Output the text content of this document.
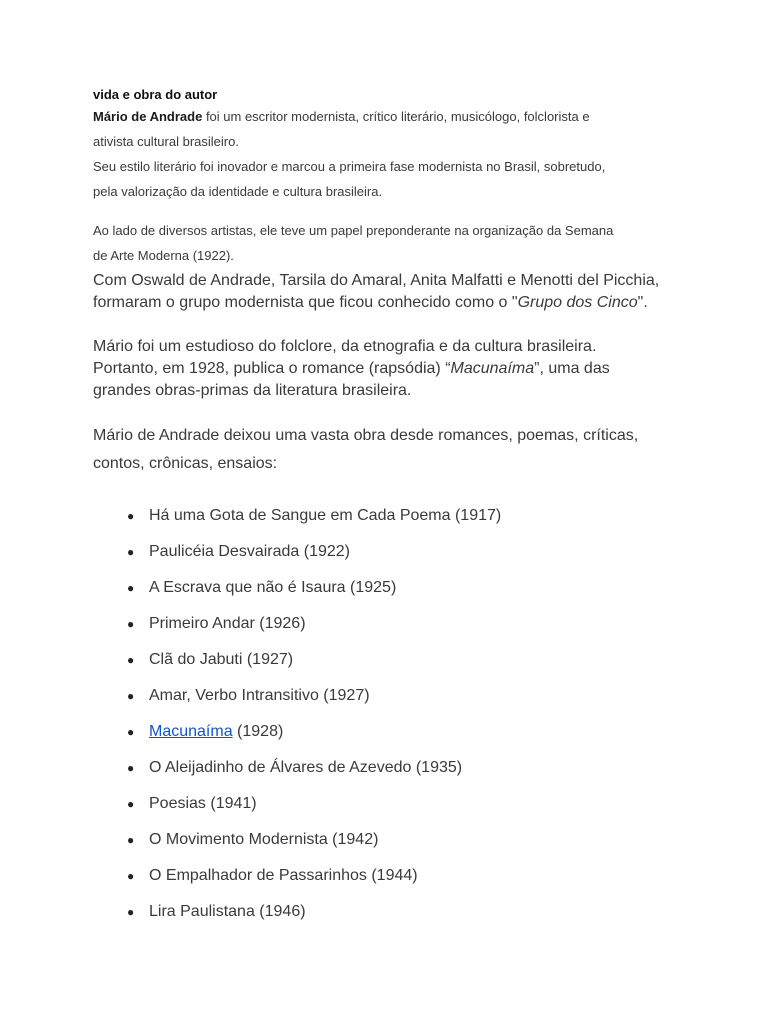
vida e obra do autor

Mário de Andrade foi um escritor modernista, crítico literário, musicólogo, folclorista e
ativista cultural brasileiro.
Seu estilo literário foi inovador e marcou a primeira fase modernista no Brasil, sobretudo,
pela valorização da identidade e cultura brasileira.

Ao lado de diversos artistas, ele teve um papel preponderante na organização da Semana
de Arte Moderna (1922).

Com Oswald de Andrade, Tarsila do Amaral, Anita Malfatti e Menotti del Picchia,
formaram o grupo modernista que ficou conhecido como o "Grupo dos Cinco".

Mário foi um estudioso do folclore, da etnografia e da cultura brasileira.
Portanto, em 1928, publica o romance (rapsódia) “Macunaíma”, uma das
grandes obras-primas da literatura brasileira.

Mário de Andrade deixou uma vasta obra desde romances, poemas, críticas,
contos, crônicas, ensaios:

● Há uma Gota de Sangue em Cada Poema (1917)
● Paulicéia Desvairada (1922)
● A Escrava que não é Isaura (1925)
● Primeiro Andar (1926)
● Clã do Jabuti (1927)
● Amar, Verbo Intransitivo (1927)
● Macunaíma (1928)
● O Aleijadinho de Álvares de Azevedo (1935)
● Poesias (1941)
● O Movimento Modernista (1942)
● O Empalhador de Passarinhos (1944)
● Lira Paulistana (1946)
